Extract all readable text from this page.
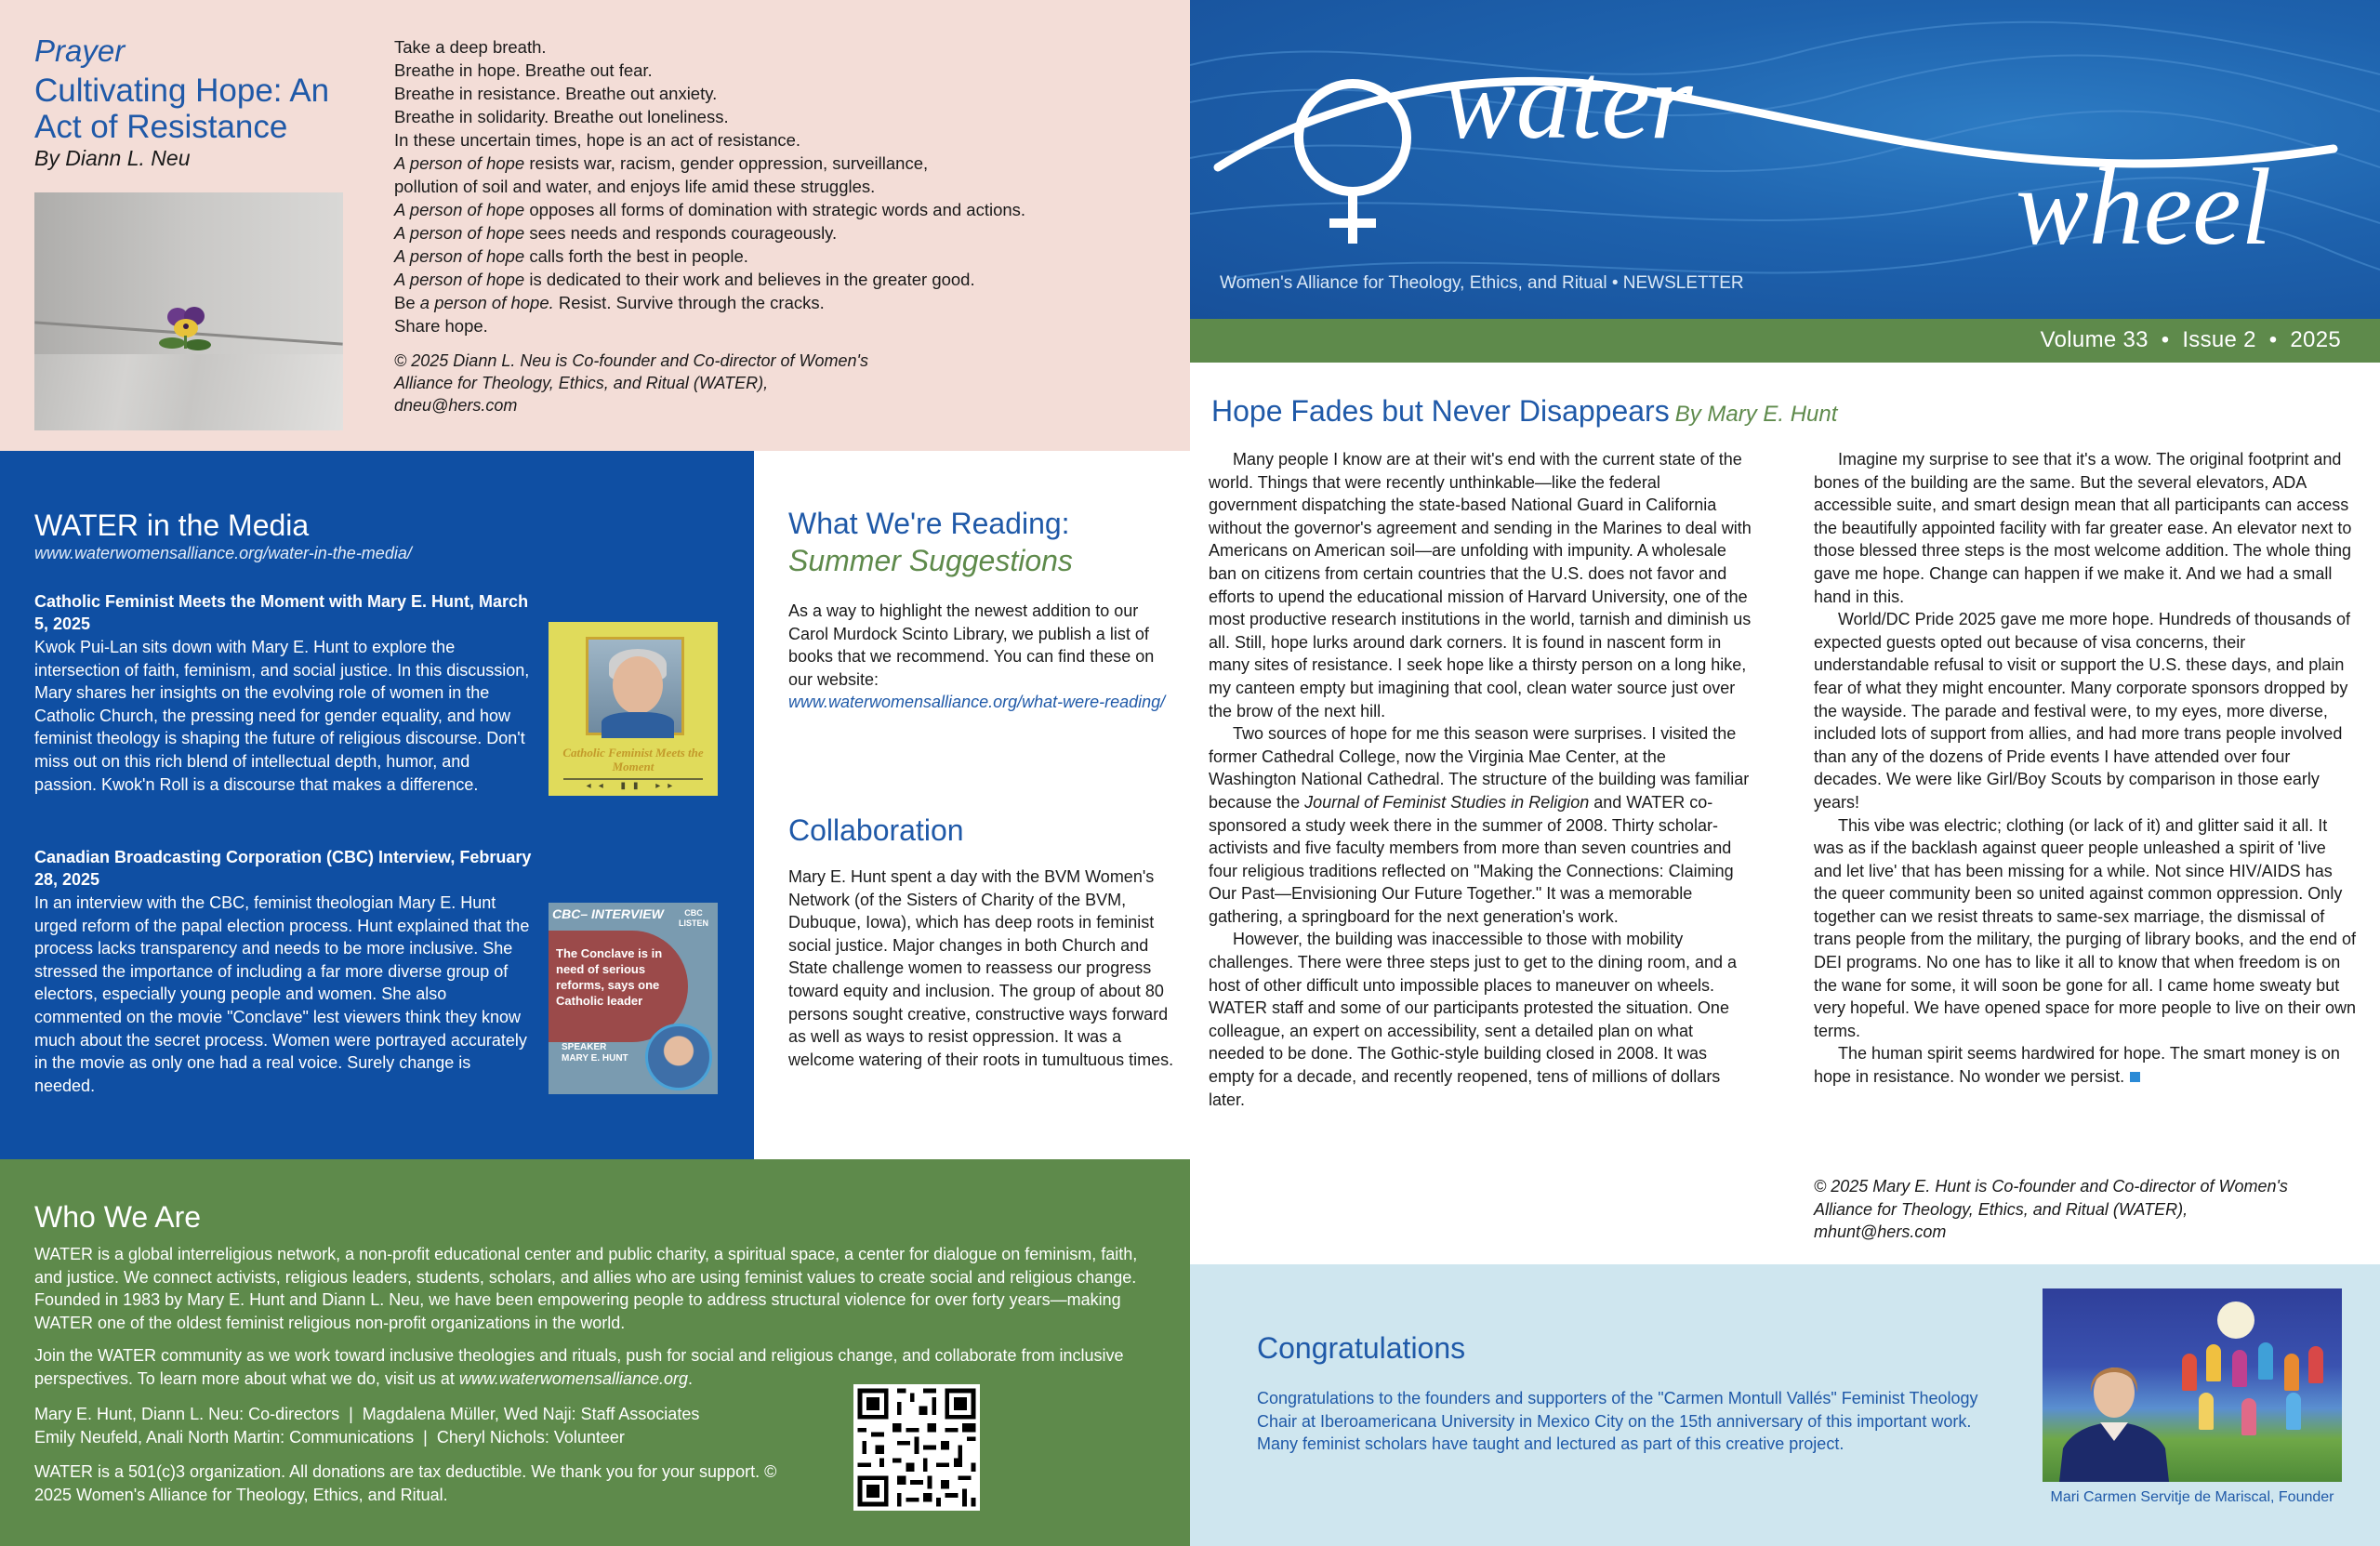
Prayer
Cultivating Hope: An Act of Resistance
By Diann L. Neu
Take a deep breath.
Breathe in hope. Breathe out fear.
Breathe in resistance. Breathe out anxiety.
Breathe in solidarity. Breathe out loneliness.
In these uncertain times, hope is an act of resistance.
A person of hope resists war, racism, gender oppression, surveillance,
pollution of soil and water, and enjoys life amid these struggles.
A person of hope opposes all forms of domination with strategic words and actions.
A person of hope sees needs and responds courageously.
A person of hope calls forth the best in people.
A person of hope is dedicated to their work and believes in the greater good.
Be a person of hope. Resist. Survive through the cracks.
Share hope.
© 2025 Diann L. Neu is Co-founder and Co-director of Women's Alliance for Theology, Ethics, and Ritual (WATER), dneu@hers.com
water
wheel
Women's Alliance for Theology, Ethics, and Ritual • NEWSLETTER
Volume 33  •  Issue 2  •  2025
WATER in the Media
www.waterwomensalliance.org/water-in-the-media/
Catholic Feminist Meets the Moment with Mary E. Hunt, March 5, 2025
Kwok Pui-Lan sits down with Mary E. Hunt to explore the intersection of faith, feminism, and social justice. In this discussion, Mary shares her insights on the evolving role of women in the Catholic Church, the pressing need for gender equality, and how feminist theology is shaping the future of religious discourse. Don't miss out on this rich blend of intellectual depth, humor, and passion. Kwok'n Roll is a discourse that makes a difference.
Catholic Feminist Meets the Moment
◂◂ ▮▮ ▸▸
Canadian Broadcasting Corporation (CBC) Interview, February 28, 2025
In an interview with the CBC, feminist theologian Mary E. Hunt urged reform of the papal election process. Hunt explained that the process lacks transparency and needs to be more inclusive. She stressed the importance of including a far more diverse group of electors, especially young people and women. She also commented on the movie "Conclave" lest viewers think they know much about the secret process. Women were portrayed accurately in the movie as only one had a real voice. Surely change is needed.
CBC– INTERVIEW	CBC LISTEN
The Conclave is in need of serious reforms, says one Catholic leader
SPEAKER
MARY E. HUNT
What We're Reading:
Summer Suggestions
As a way to highlight the newest addition to our Carol Murdock Scinto Library, we publish a list of books that we recommend. You can find these on our website:
www.waterwomensalliance.org/what-were-reading/
Collaboration
Mary E. Hunt spent a day with the BVM Women's Network (of the Sisters of Charity of the BVM, Dubuque, Iowa), which has deep roots in feminist social justice. Major changes in both Church and State challenge women to reassess our progress toward equity and inclusion. The group of about 80 persons sought creative, constructive ways forward as well as ways to resist oppression. It was a welcome watering of their roots in tumultuous times.
Hope Fades but Never Disappears By Mary E. Hunt

Many people I know are at their wit's end with the current state of the world. Things that were recently unthinkable—like the federal government dispatching the state-based National Guard in California without the governor's agreement and sending in the Marines to deal with Americans on American soil—are unfolding with impunity. A wholesale ban on citizens from certain countries that the U.S. does not favor and efforts to upend the educational mission of Harvard University, one of the most productive research institutions in the world, tarnish and diminish us all. Still, hope lurks around dark corners. It is found in nascent form in many sites of resistance. I seek hope like a thirsty person on a long hike, my canteen empty but imagining that cool, clean water source just over the brow of the next hill.

Two sources of hope for me this season were surprises. I visited the former Cathedral College, now the Virginia Mae Center, at the Washington National Cathedral. The structure of the building was familiar because the Journal of Feminist Studies in Religion and WATER co-sponsored a study week there in the summer of 2008. Thirty scholar-activists and five faculty members from more than seven countries and four religious traditions reflected on "Making the Connections: Claiming Our Past—Envisioning Our Future Together." It was a memorable gathering, a springboard for the next generation's work.

However, the building was inaccessible to those with mobility challenges. There were three steps just to get to the dining room, and a host of other difficult unto impossible places to maneuver on wheels. WATER staff and some of our participants protested the situation. One colleague, an expert on accessibility, sent a detailed plan on what needed to be done. The Gothic-style building closed in 2008. It was empty for a decade, and recently reopened, tens of millions of dollars later.

Imagine my surprise to see that it's a wow. The original footprint and bones of the building are the same. But the several elevators, ADA accessible suite, and smart design mean that all participants can access the beautifully appointed facility with far greater ease. An elevator next to those blessed three steps is the most welcome addition. The whole thing gave me hope. Change can happen if we make it. And we had a small hand in this.

World/DC Pride 2025 gave me more hope. Hundreds of thousands of expected guests opted out because of visa concerns, their understandable refusal to visit or support the U.S. these days, and plain fear of what they might encounter. Many corporate sponsors dropped by the wayside. The parade and festival were, to my eyes, more diverse, included lots of support from allies, and had more trans people involved than any of the dozens of Pride events I have attended over four decades. We were like Girl/Boy Scouts by comparison in those early years!

This vibe was electric; clothing (or lack of it) and glitter said it all. It was as if the backlash against queer people unleashed a spirit of 'live and let live' that has been missing for a while. Not since HIV/AIDS has the queer community been so united against common oppression. Only together can we resist threats to same-sex marriage, the dismissal of trans people from the military, the purging of library books, and the end of DEI programs. No one has to like it all to know that when freedom is on the wane for some, it will soon be gone for all. I came home sweaty but very hopeful. We have opened space for more people to live on their own terms.

The human spirit seems hardwired for hope. The smart money is on hope in resistance. No wonder we persist.

© 2025 Mary E. Hunt is Co-founder and Co-director of Women's Alliance for Theology, Ethics, and Ritual (WATER), mhunt@hers.com
Who We Are
WATER is a global interreligious network, a non-profit educational center and public charity, a spiritual space, a center for dialogue on feminism, faith, and justice. We connect activists, religious leaders, students, scholars, and allies who are using feminist values to create social and religious change. Founded in 1983 by Mary E. Hunt and Diann L. Neu, we have been empowering people to address structural violence for over forty years—making WATER one of the oldest feminist religious non-profit organizations in the world.
Join the WATER community as we work toward inclusive theologies and rituals, push for social and religious change, and collaborate from inclusive perspectives. To learn more about what we do, visit us at www.waterwomensalliance.org.
Mary E. Hunt, Diann L. Neu: Co-directors  |  Magdalena Müller, Wed Naji: Staff Associates
Emily Neufeld, Anali North Martin: Communications  |  Cheryl Nichols: Volunteer
WATER is a 501(c)3 organization. All donations are tax deductible. We thank you for your support. © 2025 Women's Alliance for Theology, Ethics, and Ritual.
Congratulations
Congratulations to the founders and supporters of the "Carmen Montull Vallés" Feminist Theology Chair at Iberoamericana University in Mexico City on the 15th anniversary of this important work. Many feminist scholars have taught and lectured as part of this creative project.
Mari Carmen Servitje de Mariscal, Founder
